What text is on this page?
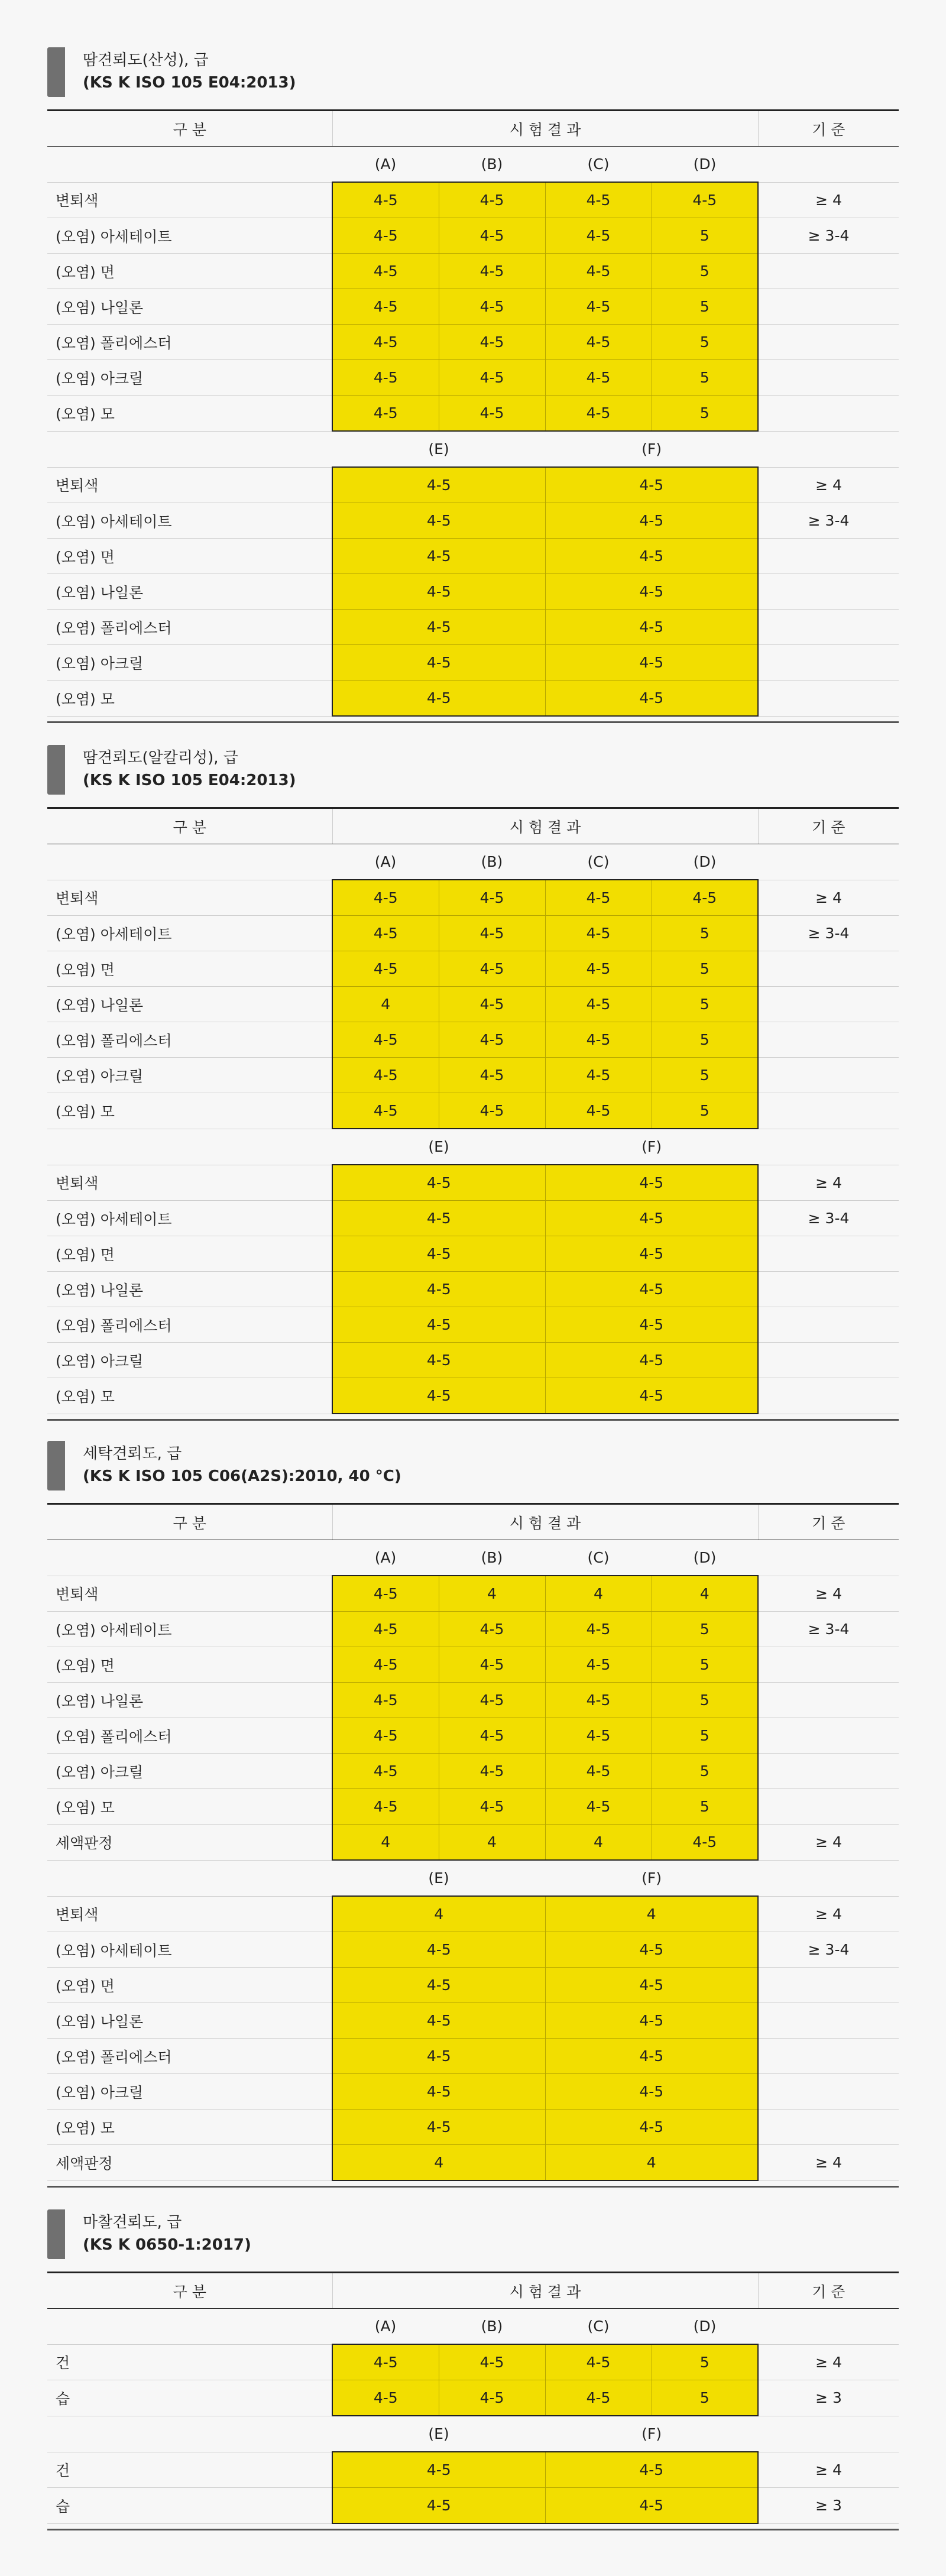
땀견뢰도(산성), 급
(KS K ISO 105 E04:2013)
구 분	시 험 결 과				기 준
	(A)	(B)	(C)	(D)	
변퇴색	4-5	4-5	4-5	4-5	≥ 4
(오염) 아세테이트	4-5	4-5	4-5	5	≥ 3-4
(오염) 면	4-5	4-5	4-5	5	
(오염) 나일론	4-5	4-5	4-5	5	
(오염) 폴리에스터	4-5	4-5	4-5	5	
(오염) 아크릴	4-5	4-5	4-5	5	
(오염) 모	4-5	4-5	4-5	5	
	(E)		(F)		
변퇴색	4-5		4-5		≥ 4
(오염) 아세테이트	4-5		4-5		≥ 3-4
(오염) 면	4-5		4-5		
(오염) 나일론	4-5		4-5		
(오염) 폴리에스터	4-5		4-5		
(오염) 아크릴	4-5		4-5		
(오염) 모	4-5		4-5		
땀견뢰도(알칼리성), 급
(KS K ISO 105 E04:2013)
구 분	시 험 결 과				기 준
	(A)	(B)	(C)	(D)	
변퇴색	4-5	4-5	4-5	4-5	≥ 4
(오염) 아세테이트	4-5	4-5	4-5	5	≥ 3-4
(오염) 면	4-5	4-5	4-5	5	
(오염) 나일론	4	4-5	4-5	5	
(오염) 폴리에스터	4-5	4-5	4-5	5	
(오염) 아크릴	4-5	4-5	4-5	5	
(오염) 모	4-5	4-5	4-5	5	
	(E)		(F)		
변퇴색	4-5		4-5		≥ 4
(오염) 아세테이트	4-5		4-5		≥ 3-4
(오염) 면	4-5		4-5		
(오염) 나일론	4-5		4-5		
(오염) 폴리에스터	4-5		4-5		
(오염) 아크릴	4-5		4-5		
(오염) 모	4-5		4-5		
세탁견뢰도, 급
(KS K ISO 105 C06(A2S):2010, 40 °C)
구 분	시 험 결 과				기 준
	(A)	(B)	(C)	(D)	
변퇴색	4-5	4	4	4	≥ 4
(오염) 아세테이트	4-5	4-5	4-5	5	≥ 3-4
(오염) 면	4-5	4-5	4-5	5	
(오염) 나일론	4-5	4-5	4-5	5	
(오염) 폴리에스터	4-5	4-5	4-5	5	
(오염) 아크릴	4-5	4-5	4-5	5	
(오염) 모	4-5	4-5	4-5	5	
세액판정	4	4	4	4-5	≥ 4
	(E)		(F)		
변퇴색	4		4		≥ 4
(오염) 아세테이트	4-5		4-5		≥ 3-4
(오염) 면	4-5		4-5		
(오염) 나일론	4-5		4-5		
(오염) 폴리에스터	4-5		4-5		
(오염) 아크릴	4-5		4-5		
(오염) 모	4-5		4-5		
세액판정	4		4		≥ 4
마찰견뢰도, 급
(KS K 0650-1:2017)
구 분	시 험 결 과				기 준
	(A)	(B)	(C)	(D)	
건	4-5	4-5	4-5	5	≥ 4
습	4-5	4-5	4-5	5	≥ 3
	(E)		(F)		
건	4-5		4-5		≥ 4
습	4-5		4-5		≥ 3
